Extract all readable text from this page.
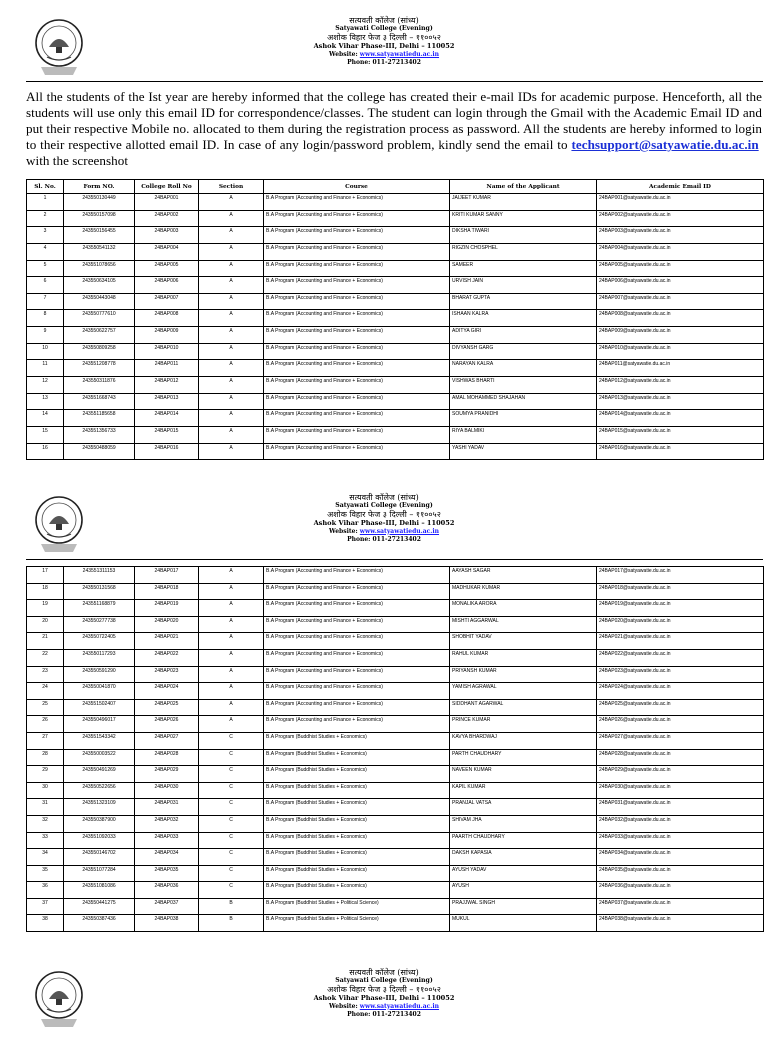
सत्यवती कॉलेज (सांध्य)
Satyawati College (Evening)
अशोक विहार फेज ३ दिल्ली – ११००५२
Ashok Vihar Phase-III, Delhi – 110052
Website: www.satyawatiedu.ac.in
Phone: 011-27213402
All the students of the Ist year are hereby informed that the college has created their e-mail IDs for academic purpose. Henceforth, all the students will use only this email ID for correspondence/classes. The student can login through the Gmail with the Academic Email ID and put their respective Mobile no. allocated to them during the registration process as password. All the students are hereby informed to login to their respective allotted email ID. In case of any login/password problem, kindly send the email to techsupport@satyawatie.du.ac.in  with the screenshot
Sl. No.	Form NO.	College Roll No	Section	Course	Name of the Applicant	Academic Email ID
1	243550130449	24BAP001	A	B.A Program (Accounting and Finance + Economics)	JAIJEET KUMAR	24BAP001@satyawatie.du.ac.in
2	243550157098	24BAP002	A	B.A Program (Accounting and Finance + Economics)	KRITI KUMAR SANNY	24BAP002@satyawatie.du.ac.in
3	243550156455	24BAP003	A	B.A Program (Accounting and Finance + Economics)	DIKSHA TIWARI	24BAP003@satyawatie.du.ac.in
4	243550541132	24BAP004	A	B.A Program (Accounting and Finance + Economics)	RIGZIN CHOSPHEL	24BAP004@satyawatie.du.ac.in
5	243551078656	24BAP005	A	B.A Program (Accounting and Finance + Economics)	SAMEER	24BAP005@satyawatie.du.ac.in
6	243550634105	24BAP006	A	B.A Program (Accounting and Finance + Economics)	URVISH JAIN	24BAP006@satyawatie.du.ac.in
7	243550443048	24BAP007	A	B.A Program (Accounting and Finance + Economics)	BHARAT GUPTA	24BAP007@satyawatie.du.ac.in
8	243550777610	24BAP008	A	B.A Program (Accounting and Finance + Economics)	ISHAAN KALRA	24BAP008@satyawatie.du.ac.in
9	243550622757	24BAP009	A	B.A Program (Accounting and Finance + Economics)	ADITYA GIRI	24BAP009@satyawatie.du.ac.in
10	243550809258	24BAP010	A	B.A Program (Accounting and Finance + Economics)	DIVYANSH GARG	24BAP010@satyawatie.du.ac.in
11	243551208778	24BAP011	A	B.A Program (Accounting and Finance + Economics)	NARAYAN KALRA	24BAP011@satyawatie.du.ac.in
12	243550311876	24BAP012	A	B.A Program (Accounting and Finance + Economics)	VISHWAS BHARTI	24BAP012@satyawatie.du.ac.in
13	243551668743	24BAP013	A	B.A Program (Accounting and Finance + Economics)	AMAL MOHAMMED SHAJAHAN	24BAP013@satyawatie.du.ac.in
14	243551185658	24BAP014	A	B.A Program (Accounting and Finance + Economics)	SOUMYA PRANIDHI	24BAP014@satyawatie.du.ac.in
15	243551356733	24BAP015	A	B.A Program (Accounting and Finance + Economics)	RIYA BALMIKI	24BAP015@satyawatie.du.ac.in
16	243550488059	24BAP016	A	B.A Program (Accounting and Finance + Economics)	YASHI YADAV	24BAP016@satyawatie.du.ac.in
सत्यवती कॉलेज (सांध्य)
Satyawati College (Evening)
अशोक विहार फेज ३ दिल्ली – ११००५२
Ashok Vihar Phase-III, Delhi – 110052
Website: www.satyawatiedu.ac.in
Phone: 011-27213402
17	243551311153	24BAP017	A	B.A Program (Accounting and Finance + Economics)	AAYASH SAGAR	24BAP017@satyawatie.du.ac.in
18	243550131568	24BAP018	A	B.A Program (Accounting and Finance + Economics)	MADHUKAR KUMAR	24BAP018@satyawatie.du.ac.in
19	243551168879	24BAP019	A	B.A Program (Accounting and Finance + Economics)	MONALIKA ARORA	24BAP019@satyawatie.du.ac.in
20	243550277738	24BAP020	A	B.A Program (Accounting and Finance + Economics)	MISHTI AGGARWAL	24BAP020@satyawatie.du.ac.in
21	243550722405	24BAP021	A	B.A Program (Accounting and Finance + Economics)	SHOBHIT YADAV	24BAP021@satyawatie.du.ac.in
22	243550117293	24BAP022	A	B.A Program (Accounting and Finance + Economics)	RAHUL KUMAR	24BAP022@satyawatie.du.ac.in
23	243550591290	24BAP023	A	B.A Program (Accounting and Finance + Economics)	PRIYANSH KUMAR	24BAP023@satyawatie.du.ac.in
24	243550041870	24BAP024	A	B.A Program (Accounting and Finance + Economics)	YAMISH AGRAWAL	24BAP024@satyawatie.du.ac.in
25	243551502407	24BAP025	A	B.A Program (Accounting and Finance + Economics)	SIDDHANT AGARWAL	24BAP025@satyawatie.du.ac.in
26	243550496017	24BAP026	A	B.A Program (Accounting and Finance + Economics)	PRINCE KUMAR	24BAP026@satyawatie.du.ac.in
27	243551543342	24BAP027	C	B.A Program (Buddhist Studies + Economics)	KAVYA BHARDWAJ	24BAP027@satyawatie.du.ac.in
28	243550003522	24BAP028	C	B.A Program (Buddhist Studies + Economics)	PARTH CHAUDHARY	24BAP028@satyawatie.du.ac.in
29	243550491269	24BAP029	C	B.A Program (Buddhist Studies + Economics)	NAVEEN KUMAR	24BAP029@satyawatie.du.ac.in
30	243550522656	24BAP030	C	B.A Program (Buddhist Studies + Economics)	KAPIL KUMAR	24BAP030@satyawatie.du.ac.in
31	243551323109	24BAP031	C	B.A Program (Buddhist Studies + Economics)	PRANJAL VATSA	24BAP031@satyawatie.du.ac.in
32	243550387900	24BAP032	C	B.A Program (Buddhist Studies + Economics)	SHIVAM JHA	24BAP032@satyawatie.du.ac.in
33	243551092033	24BAP033	C	B.A Program (Buddhist Studies + Economics)	PAARTH CHAUDHARY	24BAP033@satyawatie.du.ac.in
34	243550146702	24BAP034	C	B.A Program (Buddhist Studies + Economics)	DAKSH KAPASIA	24BAP034@satyawatie.du.ac.in
35	243551077284	24BAP035	C	B.A Program (Buddhist Studies + Economics)	AYUSH YADAV	24BAP035@satyawatie.du.ac.in
36	243551081086	24BAP036	C	B.A Program (Buddhist Studies + Economics)	AYUSH	24BAP036@satyawatie.du.ac.in
37	243550441275	24BAP037	B	B.A Program (Buddhist Studies + Political Science)	PRAJJWAL SINGH	24BAP037@satyawatie.du.ac.in
38	243550387436	24BAP038	B	B.A Program (Buddhist Studies + Political Science)	MUKUL	24BAP038@satyawatie.du.ac.in
सत्यवती कॉलेज (सांध्य)
Satyawati College (Evening)
अशोक विहार फेज ३ दिल्ली – ११००५२
Ashok Vihar Phase-III, Delhi – 110052
Website: www.satyawatiedu.ac.in
Phone: 011-27213402
